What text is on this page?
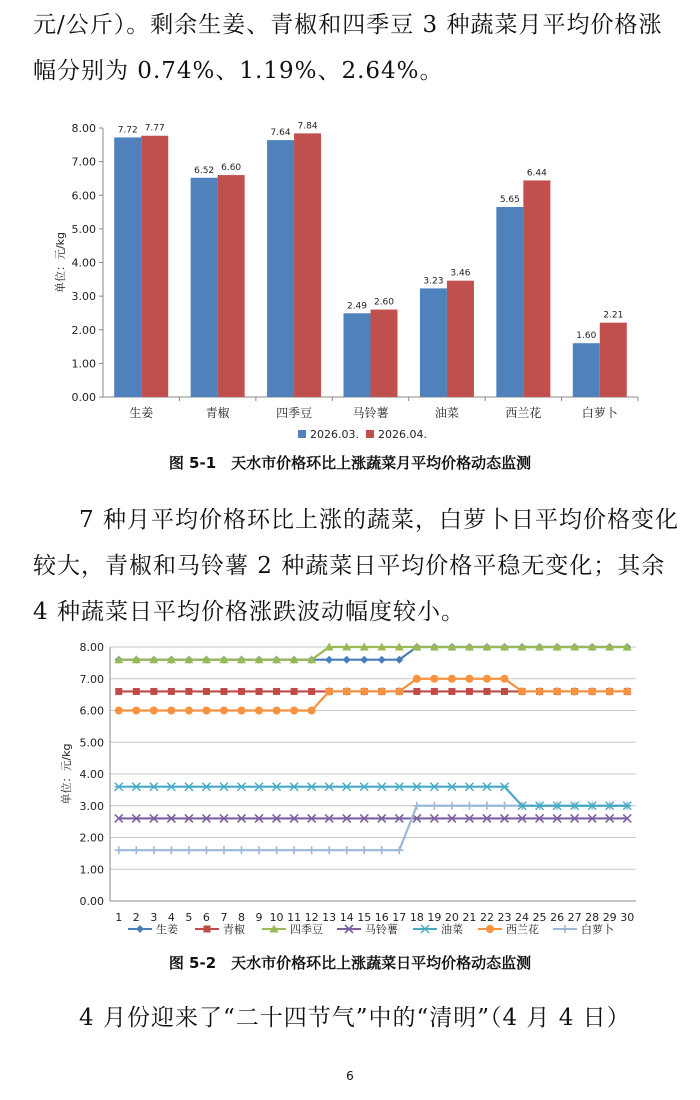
元/公斤）。剩余生姜、青椒和四季豆 3 种蔬菜月平均价格涨
幅分别为 0.74%、1.19%、2.64%。
0.00
1.00
2.00
3.00
4.00
5.00
6.00
7.00
8.00
单位：元/kg
生姜
7.72 7.77
青椒
6.52 6.60
四季豆
7.64
7.84
马铃薯
2.49 2.60
油菜
3.23
3.46
西兰花
5.65
6.44
白萝卜
1.60
2.21
2026.03. 2026.04.
图 5-1　天水市价格环比上涨蔬菜月平均价格动态监测
7 种月平均价格环比上涨的蔬菜，白萝卜日平均价格变化
较大，青椒和马铃薯 2 种蔬菜日平均价格平稳无变化；其余
4 种蔬菜日平均价格涨跌波动幅度较小。
0.00
1.00
2.00
3.00
4.00
5.00
6.00
7.00
8.00
单位：元/kg
1 2 3 4 5 6 7 8 9 10 11 12 13 14 15 16 17 18 19 20 21 22 23 24 25 26 27 28 29 30
生姜	青椒	四季豆	马铃薯	油菜	西兰花	白萝卜
图 5-2　天水市价格环比上涨蔬菜日平均价格动态监测
4 月份迎来了“二十四节气”中的“清明”（4 月 4 日）
6
